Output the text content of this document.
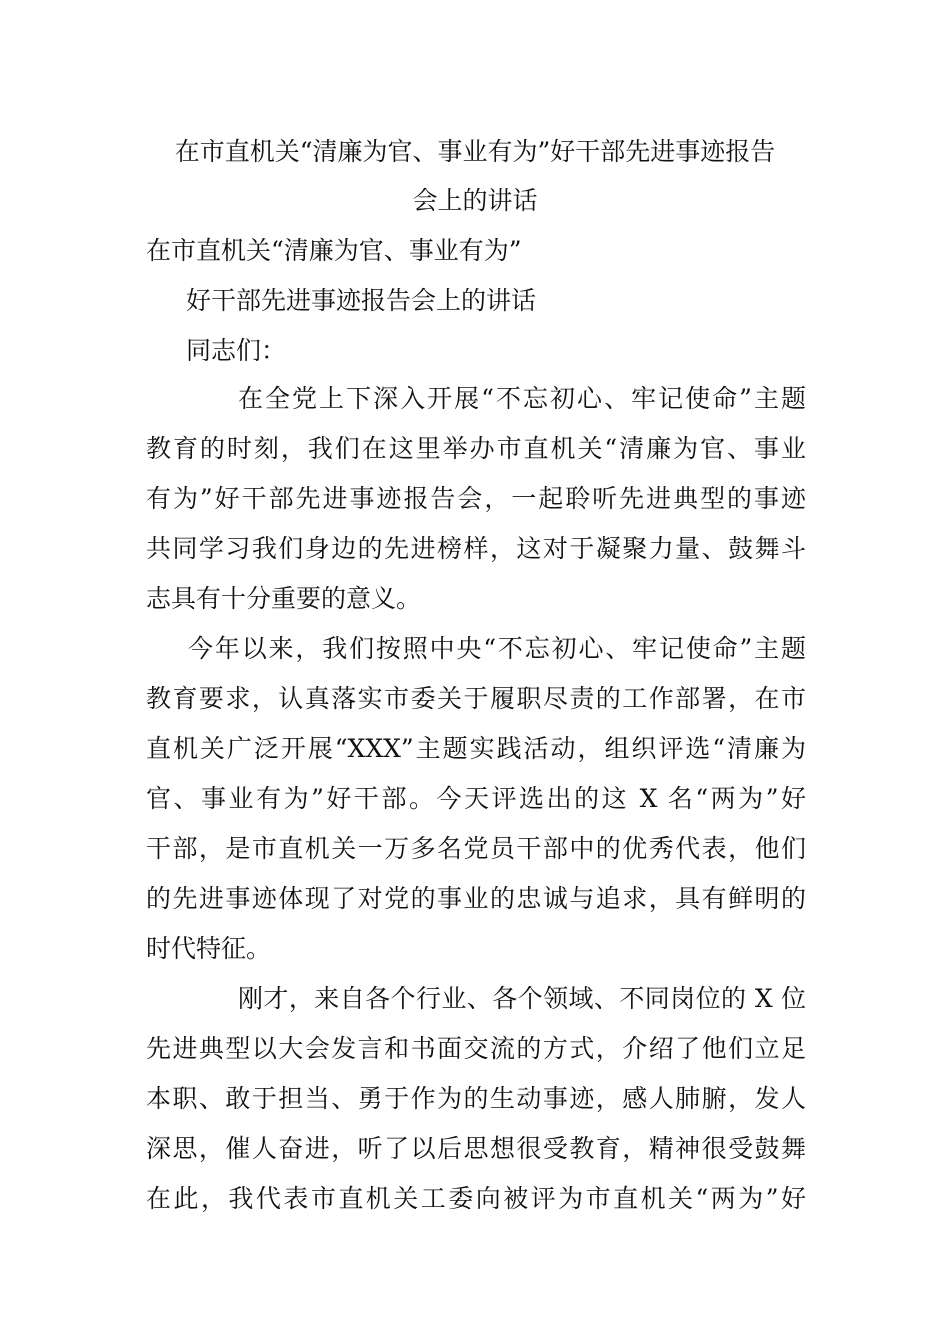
在市直机关“清廉为官、事业有为”好干部先进事迹报告
会上的讲话
在市直机关“清廉为官、事业有为”
好干部先进事迹报告会上的讲话
同志们：
在全党上下深入开展“不忘初心、牢记使命”主题
教育的时刻，我们在这里举办市直机关“清廉为官、事业
有为”好干部先进事迹报告会，一起聆听先进典型的事迹
共同学习我们身边的先进榜样，这对于凝聚力量、鼓舞斗
志具有十分重要的意义。
今年以来，我们按照中央“不忘初心、牢记使命”主题
教育要求，认真落实市委关于履职尽责的工作部署，在市
直机关广泛开展“XXX”主题实践活动，组织评选“清廉为
官、事业有为”好干部。今天评选出的这 X 名“两为”好
干部，是市直机关一万多名党员干部中的优秀代表，他们
的先进事迹体现了对党的事业的忠诚与追求，具有鲜明的
时代特征。
刚才，来自各个行业、各个领域、不同岗位的 X 位
先进典型以大会发言和书面交流的方式，介绍了他们立足
本职、敢于担当、勇于作为的生动事迹，感人肺腑，发人
深思，催人奋进，听了以后思想很受教育，精神很受鼓舞
在此，我代表市直机关工委向被评为市直机关“两为”好
